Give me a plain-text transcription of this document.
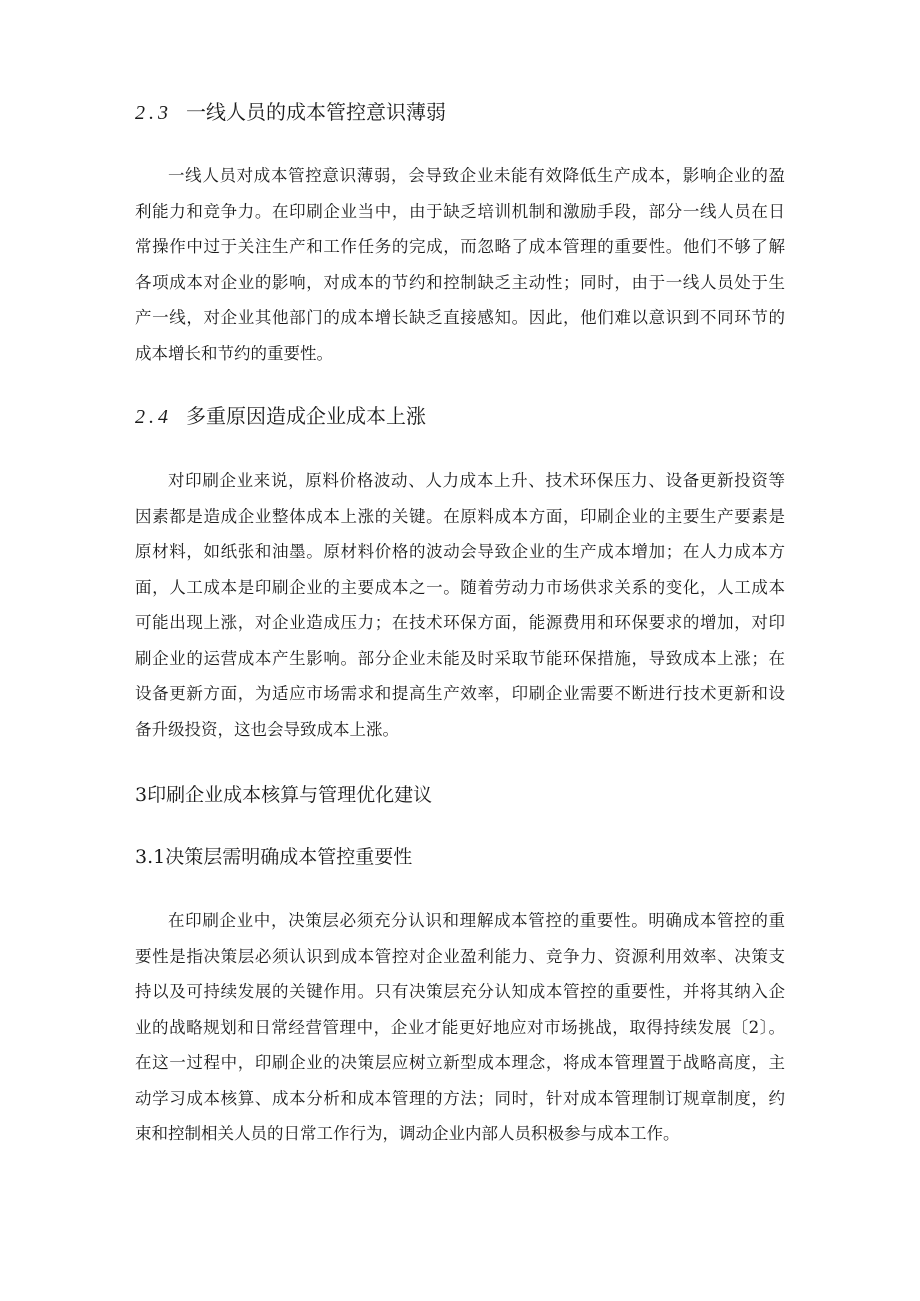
2.3 一线人员的成本管控意识薄弱
一线人员对成本管控意识薄弱，会导致企业未能有效降低生产成本，影响企业的盈
利能力和竞争力。在印刷企业当中，由于缺乏培训机制和激励手段，部分一线人员在日
常操作中过于关注生产和工作任务的完成，而忽略了成本管理的重要性。他们不够了解
各项成本对企业的影响，对成本的节约和控制缺乏主动性；同时，由于一线人员处于生
产一线，对企业其他部门的成本增长缺乏直接感知。因此，他们难以意识到不同环节的
成本增长和节约的重要性。
2.4 多重原因造成企业成本上涨
对印刷企业来说，原料价格波动、人力成本上升、技术环保压力、设备更新投资等
因素都是造成企业整体成本上涨的关键。在原料成本方面，印刷企业的主要生产要素是
原材料，如纸张和油墨。原材料价格的波动会导致企业的生产成本增加；在人力成本方
面，人工成本是印刷企业的主要成本之一。随着劳动力市场供求关系的变化，人工成本
可能出现上涨，对企业造成压力；在技术环保方面，能源费用和环保要求的增加，对印
刷企业的运营成本产生影响。部分企业未能及时采取节能环保措施，导致成本上涨；在
设备更新方面，为适应市场需求和提高生产效率，印刷企业需要不断进行技术更新和设
备升级投资，这也会导致成本上涨。
3印刷企业成本核算与管理优化建议
3.1决策层需明确成本管控重要性
在印刷企业中，决策层必须充分认识和理解成本管控的重要性。明确成本管控的重
要性是指决策层必须认识到成本管控对企业盈利能力、竞争力、资源利用效率、决策支
持以及可持续发展的关键作用。只有决策层充分认知成本管控的重要性，并将其纳入企
业的战略规划和日常经营管理中，企业才能更好地应对市场挑战，取得持续发展〔2〕。
在这一过程中，印刷企业的决策层应树立新型成本理念，将成本管理置于战略高度，主
动学习成本核算、成本分析和成本管理的方法；同时，针对成本管理制订规章制度，约
束和控制相关人员的日常工作行为，调动企业内部人员积极参与成本工作。
